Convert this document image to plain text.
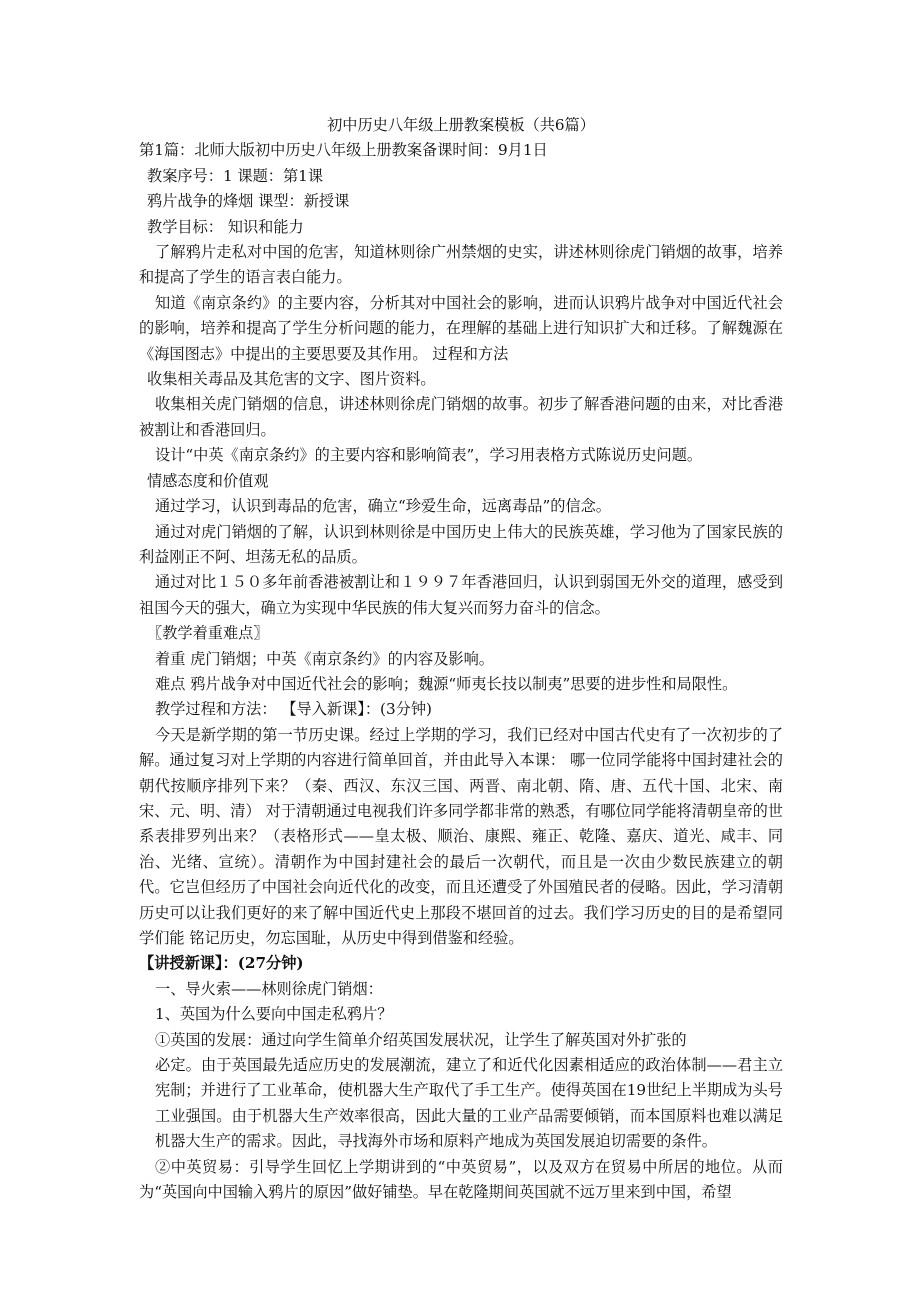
初中历史八年级上册教案模板（共6篇）

第1篇：北师大版初中历史八年级上册教案备课时间：9月1日

教案序号：1 课题：第1课

鸦片战争的烽烟 课型：新授课

教学目标： 知识和能力

了解鸦片走私对中国的危害，知道林则徐广州禁烟的史实，讲述林则徐虎门销烟的故事，培养和提高了学生的语言表白能力。

知道《南京条约》的主要内容，分析其对中国社会的影响，进而认识鸦片战争对中国近代社会的影响，培养和提高了学生分析问题的能力，在理解的基础上进行知识扩大和迁移。了解魏源在《海国图志》中提出的主要思要及其作用。 过程和方法

收集相关毒品及其危害的文字、图片资料。

收集相关虎门销烟的信息，讲述林则徐虎门销烟的故事。初步了解香港问题的由来，对比香港被割让和香港回归。

设计“中英《南京条约》的主要内容和影响简表”，学习用表格方式陈说历史问题。

情感态度和价值观

通过学习，认识到毒品的危害，确立“珍爱生命，远离毒品”的信念。

通过对虎门销烟的了解，认识到林则徐是中国历史上伟大的民族英雄，学习他为了国家民族的利益刚正不阿、坦荡无私的品质。

通过对比１５０多年前香港被割让和１９９７年香港回归，认识到弱国无外交的道理，感受到祖国今天的强大，确立为实现中华民族的伟大复兴而努力奋斗的信念。

〖教学着重难点〗

着重 虎门销烟；中英《南京条约》的内容及影响。

难点 鸦片战争对中国近代社会的影响；魏源“师夷长技以制夷”思要的进步性和局限性。

教学过程和方法： 【导入新课】：(3分钟)

今天是新学期的第一节历史课。经过上学期的学习，我们已经对中国古代史有了一次初步的了解。通过复习对上学期的内容进行简单回首，并由此导入本课： 哪一位同学能将中国封建社会的朝代按顺序排列下来？（秦、西汉、东汉三国、两晋、南北朝、隋、唐、五代十国、北宋、南宋、元、明、清） 对于清朝通过电视我们许多同学都非常的熟悉，有哪位同学能将清朝皇帝的世系表排罗列出来？（表格形式——皇太极、顺治、康熙、雍正、乾隆、嘉庆、道光、咸丰、同治、光绪、宣统）。清朝作为中国封建社会的最后一次朝代，而且是一次由少数民族建立的朝代。它岂但经历了中国社会向近代化的改变，而且还遭受了外国殖民者的侵略。因此，学习清朝历史可以让我们更好的来了解中国近代史上那段不堪回首的过去。我们学习历史的目的是希望同学们能 铭记历史，勿忘国耻，从历史中得到借鉴和经验。

【讲授新课】：(27分钟)

一、导火索——林则徐虎门销烟：

1、英国为什么要向中国走私鸦片？

①英国的发展：通过向学生简单介绍英国发展状况，让学生了解英国对外扩张的

必定。由于英国最先适应历史的发展潮流，建立了和近代化因素相适应的政治体制——君主立宪制；并进行了工业革命，使机器大生产取代了手工生产。使得英国在19世纪上半期成为头号工业强国。由于机器大生产效率很高，因此大量的工业产品需要倾销，而本国原料也难以满足机器大生产的需求。因此，寻找海外市场和原料产地成为英国发展迫切需要的条件。

②中英贸易：引导学生回忆上学期讲到的“中英贸易”，以及双方在贸易中所居的地位。从而为“英国向中国输入鸦片的原因”做好铺垫。早在乾隆期间英国就不远万里来到中国，希望
